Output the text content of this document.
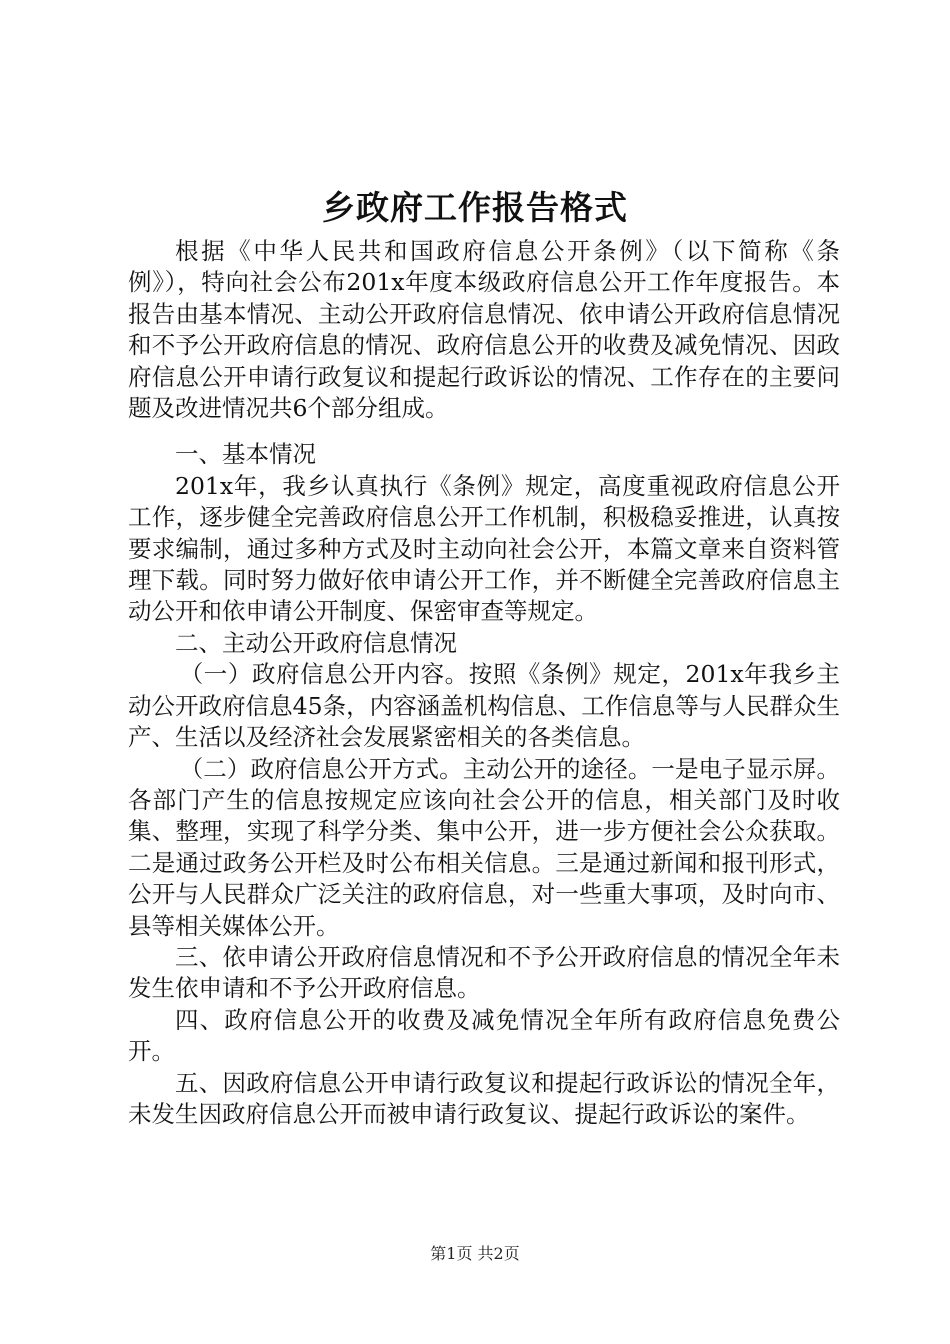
乡政府工作报告格式

根据《中华人民共和国政府信息公开条例》（以下简称《条例》），特向社会公布201x年度本级政府信息公开工作年度报告。本报告由基本情况、主动公开政府信息情况、依申请公开政府信息情况和不予公开政府信息的情况、政府信息公开的收费及减免情况、因政府信息公开申请行政复议和提起行政诉讼的情况、工作存在的主要问题及改进情况共6个部分组成。

一、基本情况

201x年，我乡认真执行《条例》规定，高度重视政府信息公开工作，逐步健全完善政府信息公开工作机制，积极稳妥推进，认真按要求编制，通过多种方式及时主动向社会公开，本篇文章来自资料管理下载。同时努力做好依申请公开工作，并不断健全完善政府信息主动公开和依申请公开制度、保密审查等规定。

二、主动公开政府信息情况

（一）政府信息公开内容。按照《条例》规定，201x年我乡主动公开政府信息45条，内容涵盖机构信息、工作信息等与人民群众生产、生活以及经济社会发展紧密相关的各类信息。

（二）政府信息公开方式。主动公开的途径。一是电子显示屏。各部门产生的信息按规定应该向社会公开的信息，相关部门及时收集、整理，实现了科学分类、集中公开，进一步方便社会公众获取。二是通过政务公开栏及时公布相关信息。三是通过新闻和报刊形式，公开与人民群众广泛关注的政府信息，对一些重大事项，及时向市、县等相关媒体公开。

三、依申请公开政府信息情况和不予公开政府信息的情况全年未发生依申请和不予公开政府信息。

四、政府信息公开的收费及减免情况全年所有政府信息免费公开。

五、因政府信息公开申请行政复议和提起行政诉讼的情况全年，未发生因政府信息公开而被申请行政复议、提起行政诉讼的案件。

第1页 共2页
